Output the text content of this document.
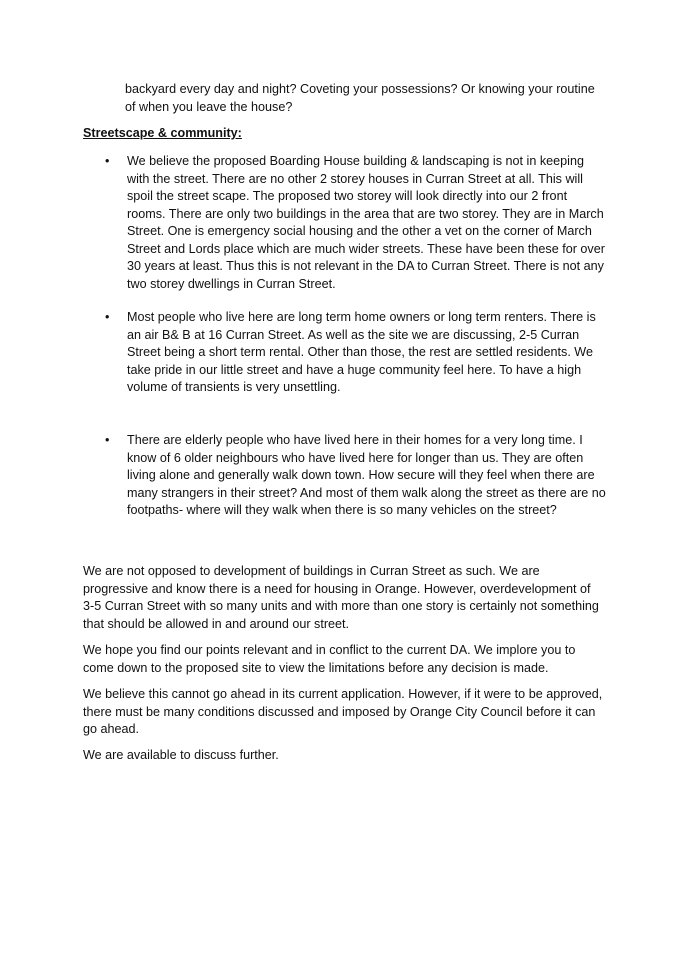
backyard every day and night? Coveting your possessions? Or knowing your routine of when you leave the house?
Streetscape & community:
•	We believe the proposed Boarding House building & landscaping is not in keeping with the street. There are no other 2 storey houses in Curran Street at all. This will spoil the street scape. The proposed two storey will look directly into our 2 front rooms. There are only two buildings in the area that are two storey. They are in March Street. One is emergency social housing and the other a vet on the corner of March Street and Lords place which are much wider streets. These have been these for over 30 years at least. Thus this is not relevant in the DA to Curran Street. There is not any two storey dwellings in Curran Street.
•	Most people who live here are long term home owners or long term renters. There is an air B& B at 16 Curran Street. As well as the site we are discussing, 2-5 Curran Street being a short term rental. Other than those, the rest are settled residents. We take pride in our little street and have a huge community feel here. To have a high volume of transients is very unsettling.
•	There are elderly people who have lived here in their homes for a very long time. I know of 6 older neighbours who have lived here for longer than us. They are often living alone and generally walk down town. How secure will they feel when there are many strangers in their street? And most of them walk along the street as there are no footpaths- where will they walk when there is so many vehicles on the street?
We are not opposed to development of buildings in Curran Street as such. We are progressive and know there is a need for housing in Orange. However, overdevelopment of 3-5 Curran Street with so many units and with more than one story is certainly not something that should be allowed in and around our street.
We hope you find our points relevant and in conflict to the current DA. We implore you to come down to the proposed site to view the limitations before any decision is made.
We believe this cannot go ahead in its current application. However, if it were to be approved, there must be many conditions discussed and imposed by Orange City Council before it can go ahead.
We are available to discuss further.
